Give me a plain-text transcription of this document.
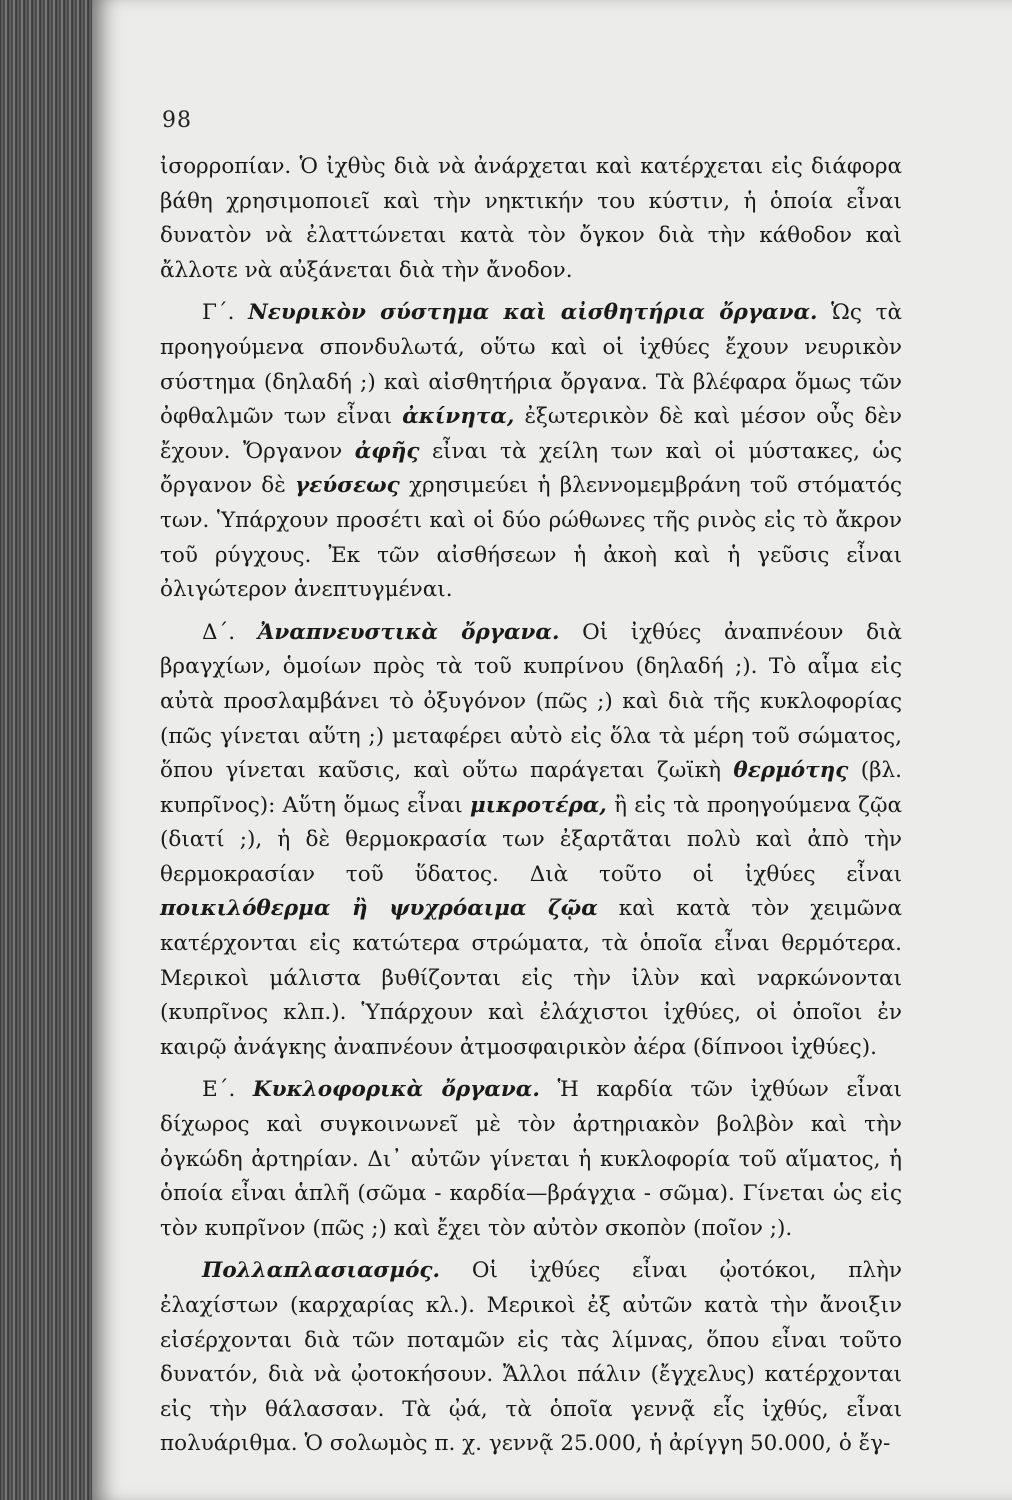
98

ἰσορροπίαν. Ὁ ἰχθὺς διὰ νὰ ἀνάρχεται καὶ κατέρχεται εἰς διάφορα βάθη χρησιμοποιεῖ καὶ τὴν νηκτικήν του κύστιν, ἡ ὁποία εἶναι δυνατὸν νὰ ἐλαττώνεται κατὰ τὸν ὄγκον διὰ τὴν κάθοδον καὶ ἄλλοτε νὰ αὐξάνεται διὰ τὴν ἄνοδον.

Γ΄. Νευρικὸν σύστημα καὶ αἰσθητήρια ὄργανα. Ὡς τὰ προηγούμενα σπονδυλωτά, οὕτω καὶ οἱ ἰχθύες ἔχουν νευρικὸν σύστημα (δηλαδή ;) καὶ αἰσθητήρια ὄργανα. Τὰ βλέφαρα ὅμως τῶν ὀφθαλμῶν των εἶναι ἀκίνητα, ἐξωτερικὸν δὲ καὶ μέσον οὖς δὲν ἔχουν. Ὄργανον ἀφῆς εἶναι τὰ χείλη των καὶ οἱ μύστακες, ὡς ὄργανον δὲ γεύσεως χρησιμεύει ἡ βλεννομεμβράνη τοῦ στόματός των. Ὑπάρχουν προσέτι καὶ οἱ δύο ρώθωνες τῆς ρινὸς εἰς τὸ ἄκρον τοῦ ρύγχους. Ἐκ τῶν αἰσθήσεων ἡ ἀκοὴ καὶ ἡ γεῦσις εἶναι ὀλιγώτερον ἀνεπτυγμέναι.

Δ΄. Ἀναπνευστικὰ ὄργανα. Οἱ ἰχθύες ἀναπνέουν διὰ βραγχίων, ὁμοίων πρὸς τὰ τοῦ κυπρίνου (δηλαδή ;). Τὸ αἷμα εἰς αὐτὰ προσλαμβάνει τὸ ὀξυγόνον (πῶς ;) καὶ διὰ τῆς κυκλοφορίας (πῶς γίνεται αὕτη ;) μεταφέρει αὐτὸ εἰς ὅλα τὰ μέρη τοῦ σώματος, ὅπου γίνεται καῦσις, καὶ οὕτω παράγεται ζωϊκὴ θερμότης (βλ. κυπρῖνος): Αὕτη ὅμως εἶναι μικροτέρα, ἢ εἰς τὰ προηγούμενα ζῷα (διατί ;), ἡ δὲ θερμοκρασία των ἐξαρτᾶται πολὺ καὶ ἀπὸ τὴν θερμοκρασίαν τοῦ ὕδατος. Διὰ τοῦτο οἱ ἰχθύες εἶναι ποικιλόθερμα ἢ ψυχρόαιμα ζῷα καὶ κατὰ τὸν χειμῶνα κατέρχονται εἰς κατώτερα στρώματα, τὰ ὁποῖα εἶναι θερμότερα. Μερικοὶ μάλιστα βυθίζονται εἰς τὴν ἰλὺν καὶ ναρκώνονται (κυπρῖνος κλπ.). Ὑπάρχουν καὶ ἐλάχιστοι ἰχθύες, οἱ ὁποῖοι ἐν καιρῷ ἀνάγκης ἀναπνέουν ἀτμοσφαιρικὸν ἀέρα (δίπνοοι ἰχθύες).

Ε΄. Κυκλοφορικὰ ὄργανα. Ἡ καρδία τῶν ἰχθύων εἶναι δίχωρος καὶ συγκοινωνεῖ μὲ τὸν ἀρτηριακὸν βολβὸν καὶ τὴν ὀγκώδη ἀρτηρίαν. Δι᾽ αὐτῶν γίνεται ἡ κυκλοφορία τοῦ αἵματος, ἡ ὁποία εἶναι ἁπλῆ (σῶμα - καρδία—βράγχια - σῶμα). Γίνεται ὡς εἰς τὸν κυπρῖνον (πῶς ;) καὶ ἔχει τὸν αὐτὸν σκοπὸν (ποῖον ;).

Πολλαπλασιασμός. Οἱ ἰχθύες εἶναι ᾠοτόκοι, πλὴν ἐλαχίστων (καρχαρίας κλ.). Μερικοὶ ἐξ αὐτῶν κατὰ τὴν ἄνοιξιν εἰσέρχονται διὰ τῶν ποταμῶν εἰς τὰς λίμνας, ὅπου εἶναι τοῦτο δυνατόν, διὰ νὰ ᾠοτοκήσουν. Ἄλλοι πάλιν (ἔγχελυς) κατέρχονται εἰς τὴν θάλασσαν. Τὰ ᾠά, τὰ ὁποῖα γεννᾷ εἷς ἰχθύς, εἶναι πολυάριθμα. Ὁ σολωμὸς π. χ. γεννᾷ 25.000, ἡ ἀρίγγη 50.000, ὁ ἔγ-
